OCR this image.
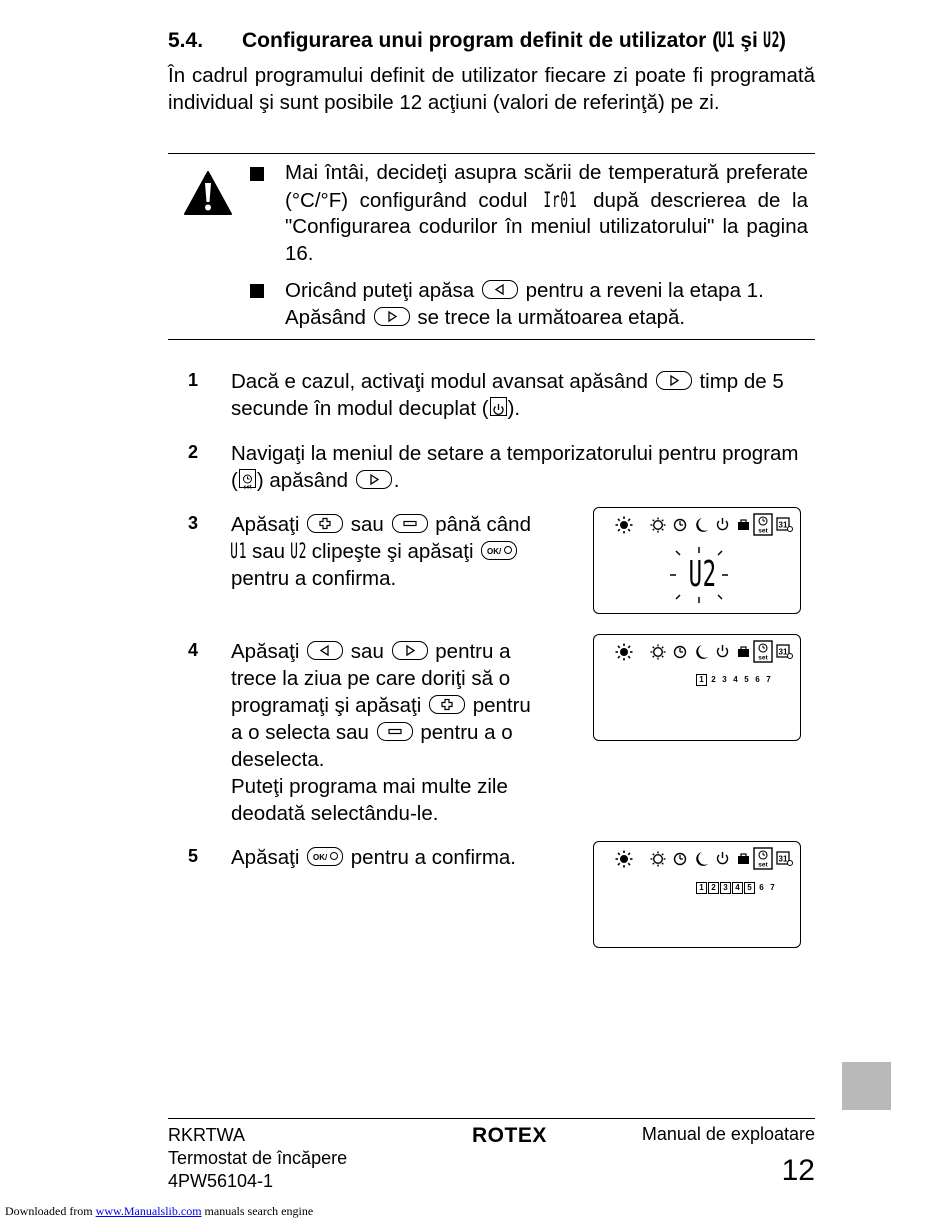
5.4. Configurarea unui program definit de utilizator (U1 şi U2)
În cadrul programului definit de utilizator fiecare zi poate fi programată individual şi sunt posibile 12 acţiuni (valori de referinţă) pe zi.
Mai întâi, decideţi asupra scării de temperatură preferate (°C/°F) configurând codul Ir01 după descrierea de la "Configurarea codurilor în meniul utilizatorului" la pagina 16.
Oricând puteţi apăsa
pentru a reveni la etapa 1. Apăsând
se trece la următoarea etapă.
1 Dacă e cazul, activaţi modul avansat apăsând
timp de 5 secunde în modul decuplat ( ).
2 Navigaţi la meniul de setare a temporizatorului pentru program ( set ) apăsând
.
3 Apăsaţi
sau
până când
U1 sau U2 clipeşte şi apăsaţi OK/

pentru a confirma.
4 Apăsaţi	sau	pentru a
trece la ziua pe care doriţi să o
programaţi şi apăsaţi	pentru
a o selecta sau	pentru a o
deselecta.
Puteţi programa mai multe zile
deodată selectându-le.
5 Apăsaţi OK/ pentru a confirma.
set
31
U2
set
31
1 2 3 4 5 6 7
set
31
1 2 3 4 5 6 7
RKRTWA
Termostat de încăpere
4PW56104-1
ROTEX	Manual de exploatare
12
Downloaded from www.Manualslib.com manuals search engine
